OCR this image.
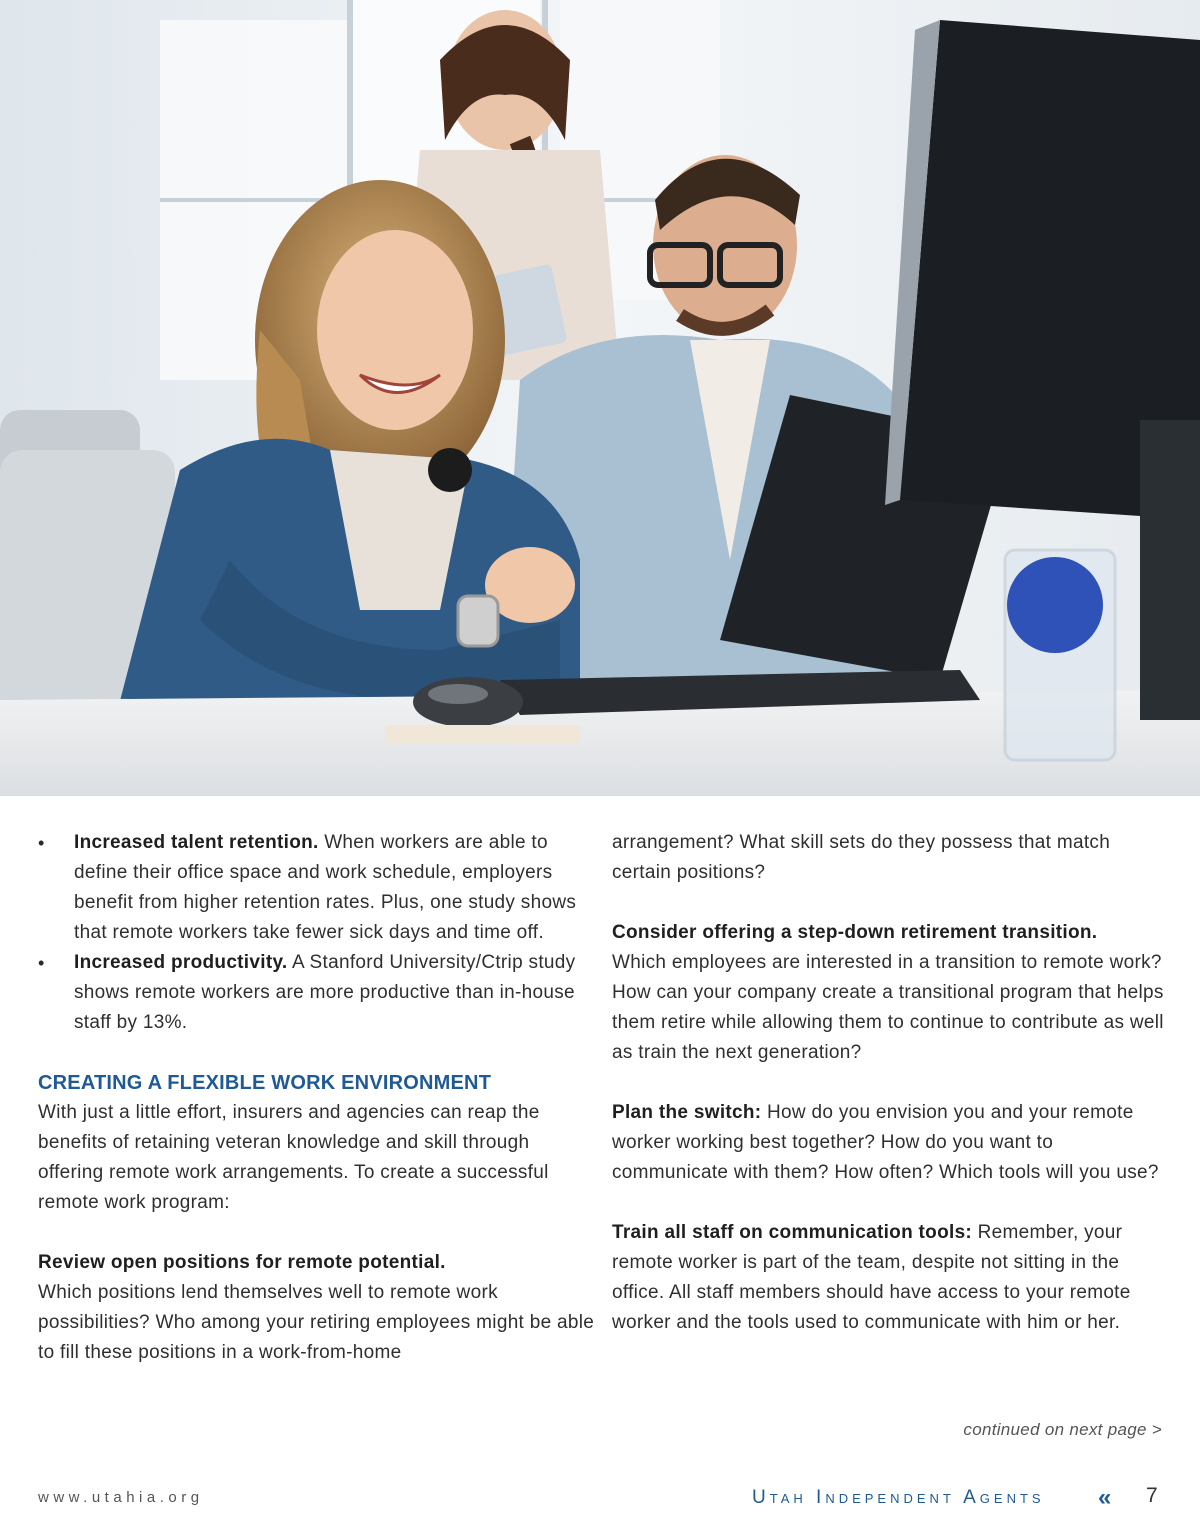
• Increased talent retention. When workers are able to define their office space and work schedule, employers benefit from higher retention rates. Plus, one study shows that remote workers take fewer sick days and time off.
• Increased productivity. A Stanford University/Ctrip study shows remote workers are more productive than in-house staff by 13%.
CREATING A FLEXIBLE WORK ENVIRONMENT

With just a little effort, insurers and agencies can reap the benefits of retaining veteran knowledge and skill through offering remote work arrangements. To create a successful remote work program:

Review open positions for remote potential.

Which positions lend themselves well to remote work possibilities? Who among your retiring employees might be able to fill these positions in a work-from-home

arrangement? What skill sets do they possess that match certain positions?

Consider offering a step-down retirement transition.

Which employees are interested in a transition to remote work? How can your company create a transitional program that helps them retire while allowing them to continue to contribute as well as train the next generation?

Plan the switch: How do you envision you and your remote worker working best together? How do you want to communicate with them? How often? Which tools will you use?

Train all staff on communication tools: Remember, your remote worker is part of the team, despite not sitting in the office. All staff members should have access to your remote worker and the tools used to communicate with him or her.

continued on next page >
www.utahia.org	Utah Independent Agents « 7
